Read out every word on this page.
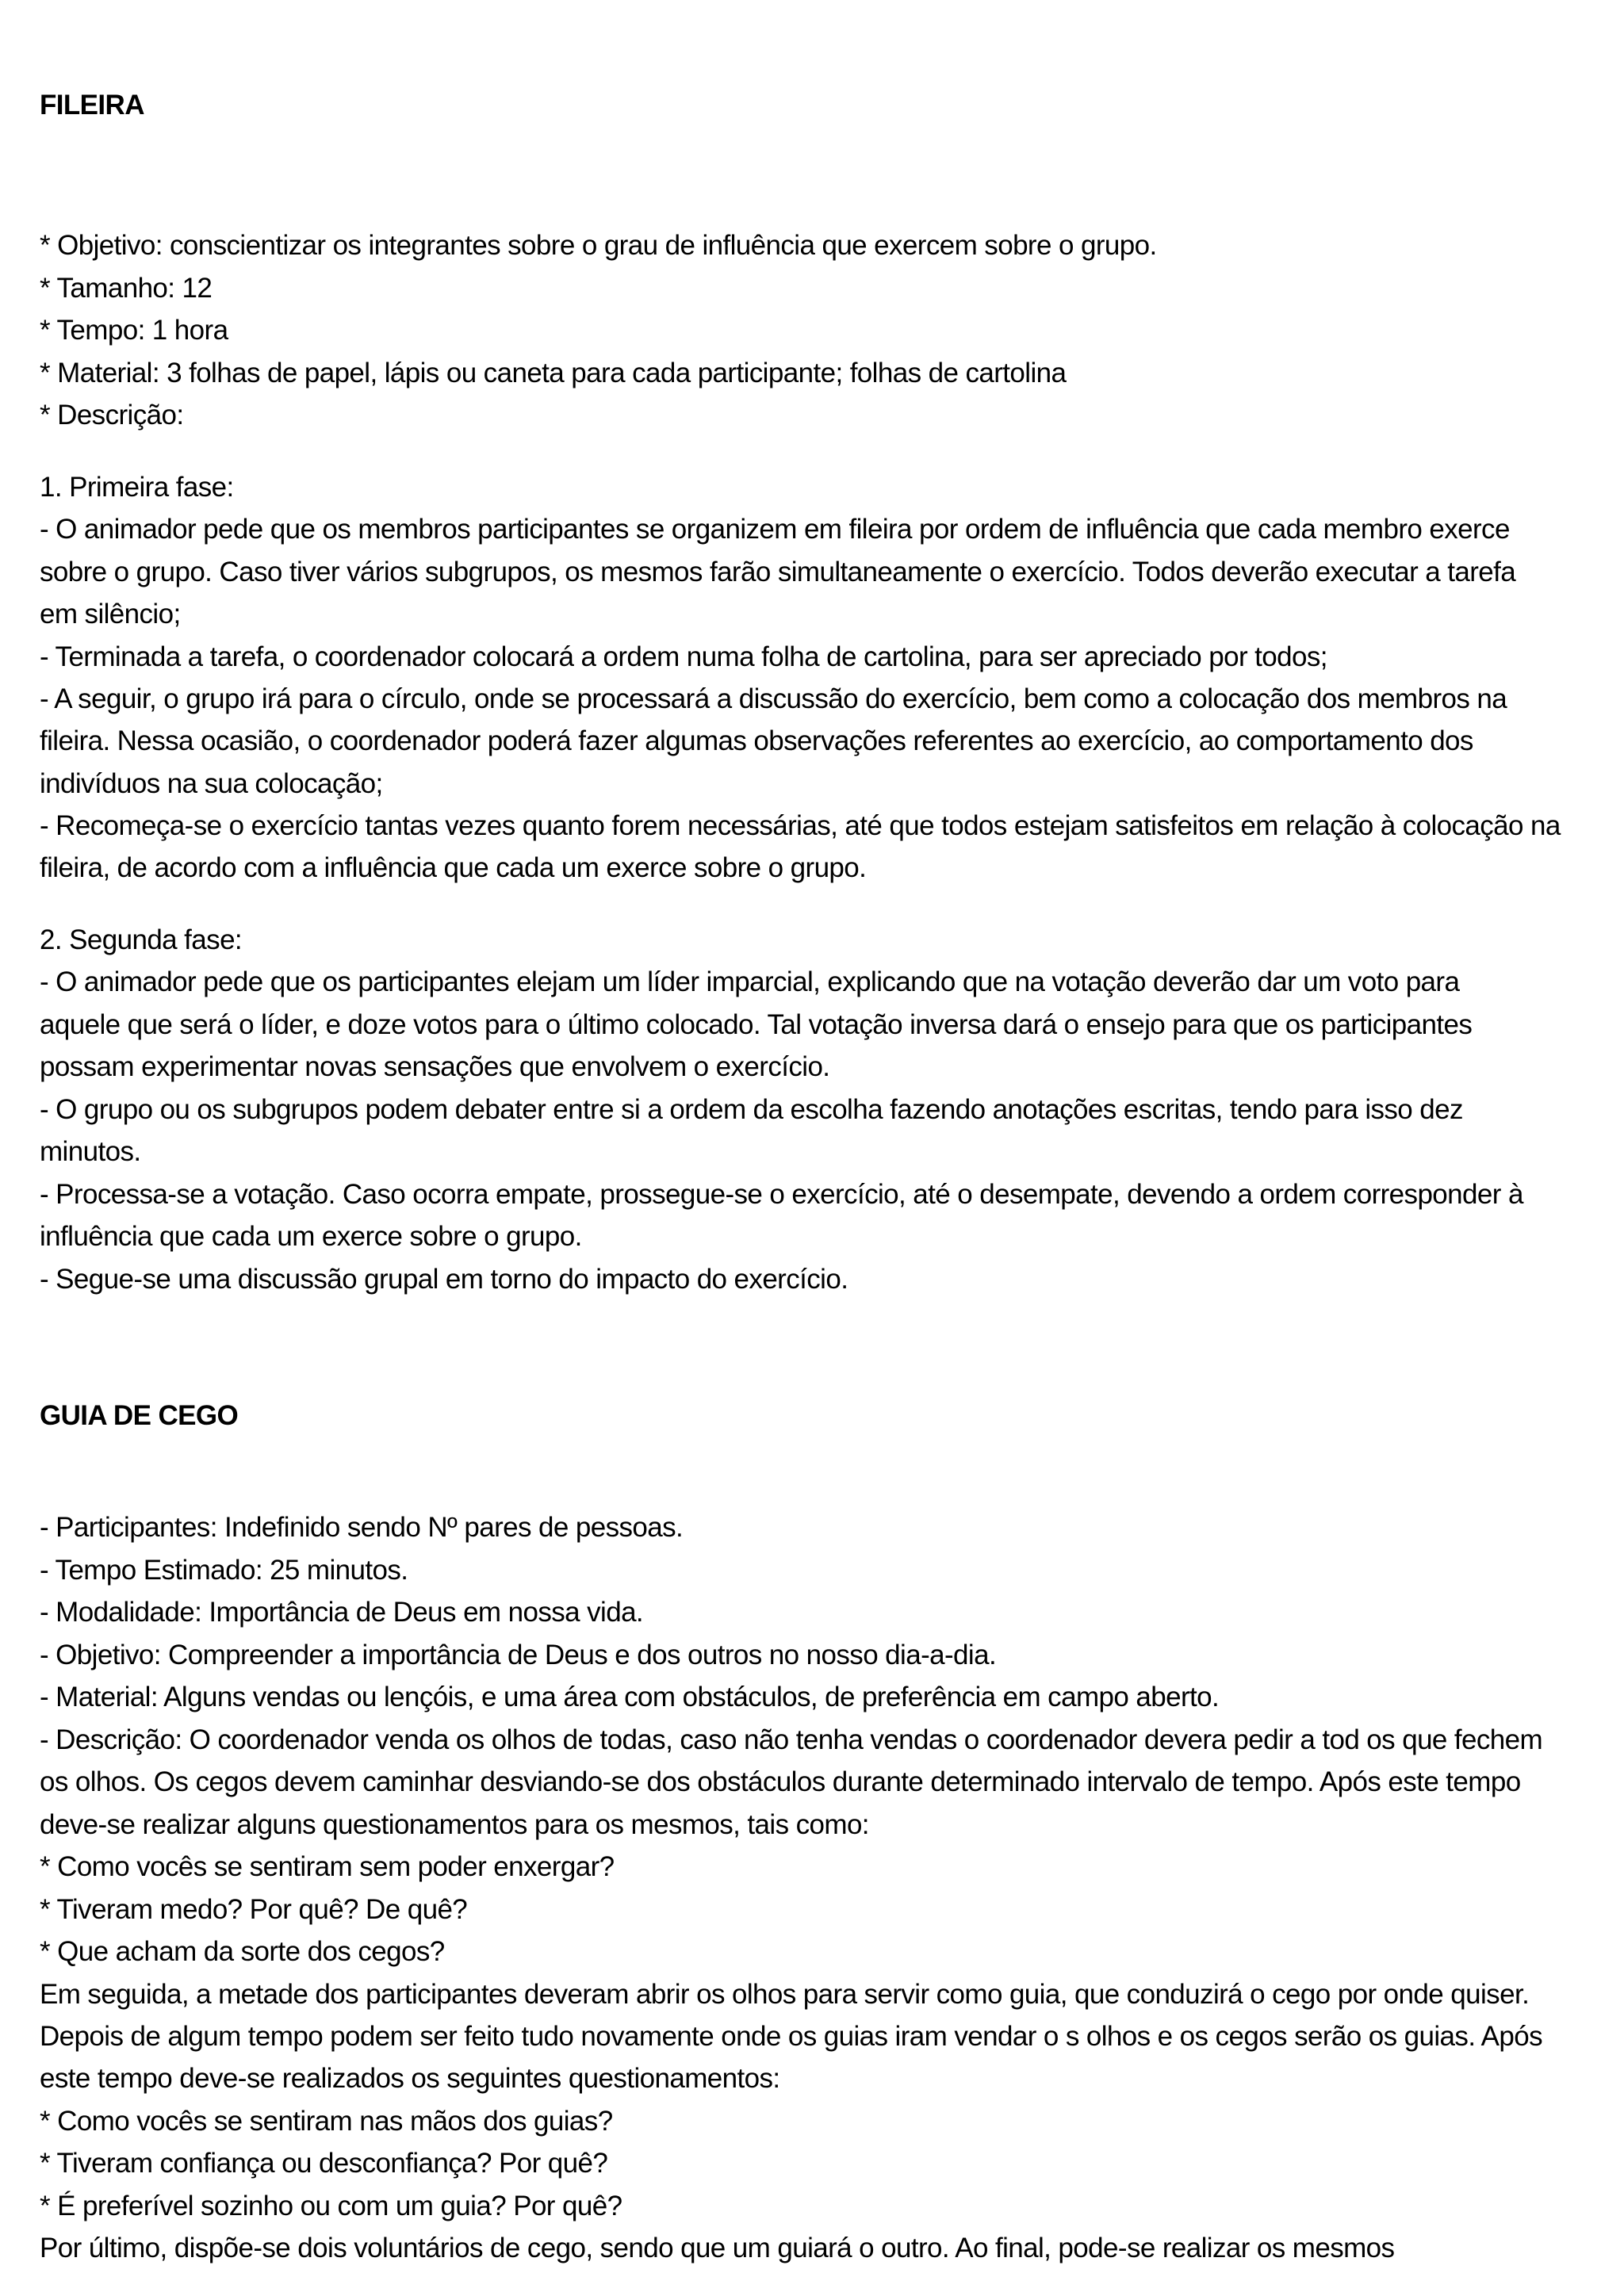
FILEIRA
* Objetivo: conscientizar os integrantes sobre o grau de influência que exercem sobre o grupo.
* Tamanho: 12
* Tempo: 1 hora
* Material: 3 folhas de papel, lápis ou caneta para cada participante; folhas de cartolina
* Descrição:
1. Primeira fase:
- O animador pede que os membros participantes se organizem em fileira por ordem de influência que cada membro exerce
sobre o grupo. Caso tiver vários subgrupos, os mesmos farão simultaneamente o exercício. Todos deverão executar a tarefa
em silêncio;
- Terminada a tarefa, o coordenador colocará a ordem numa folha de cartolina, para ser apreciado por todos;
- A seguir, o grupo irá para o círculo, onde se processará a discussão do exercício, bem como a colocação dos membros na
fileira. Nessa ocasião, o coordenador poderá fazer algumas observações referentes ao exercício, ao comportamento dos
indivíduos na sua colocação;
- Recomeça-se o exercício tantas vezes quanto forem necessárias, até que todos estejam satisfeitos em relação à colocação na
fileira, de acordo com a influência que cada um exerce sobre o grupo.
2. Segunda fase:
- O animador pede que os participantes elejam um líder imparcial, explicando que na votação deverão dar um voto para
aquele que será o líder, e doze votos para o último colocado. Tal votação inversa dará o ensejo para que os participantes
possam experimentar novas sensações que envolvem o exercício.
- O grupo ou os subgrupos podem debater entre si a ordem da escolha fazendo anotações escritas, tendo para isso dez
minutos.
- Processa-se a votação. Caso ocorra empate, prossegue-se o exercício, até o desempate, devendo a ordem corresponder à
influência que cada um exerce sobre o grupo.
- Segue-se uma discussão grupal em torno do impacto do exercício.
GUIA DE CEGO
- Participantes: Indefinido sendo Nº pares de pessoas.
- Tempo Estimado: 25 minutos.
- Modalidade: Importância de Deus em nossa vida.
- Objetivo: Compreender a importância de Deus e dos outros no nosso dia-a-dia.
- Material: Alguns vendas ou lençóis, e uma área com obstáculos, de preferência em campo aberto.
- Descrição: O coordenador venda os olhos de todas, caso não tenha vendas o coordenador devera pedir a tod os que fechem
os olhos. Os cegos devem caminhar desviando-se dos obstáculos durante determinado intervalo de tempo. Após este tempo
deve-se realizar alguns questionamentos para os mesmos, tais como:
* Como vocês se sentiram sem poder enxergar?
* Tiveram medo? Por quê? De quê?
* Que acham da sorte dos cegos?
Em seguida, a metade dos participantes deveram abrir os olhos para servir como guia, que conduzirá o cego por onde quiser.
Depois de algum tempo podem ser feito tudo novamente onde os guias iram vendar o s olhos e os cegos serão os guias. Após
este tempo deve-se realizados os seguintes questionamentos:
* Como vocês se sentiram nas mãos dos guias?
* Tiveram confiança ou desconfiança? Por quê?
* É preferível sozinho ou com um guia? Por quê?
Por último, dispõe-se dois voluntários de cego, sendo que um guiará o outro. Ao final, pode-se realizar os mesmos
